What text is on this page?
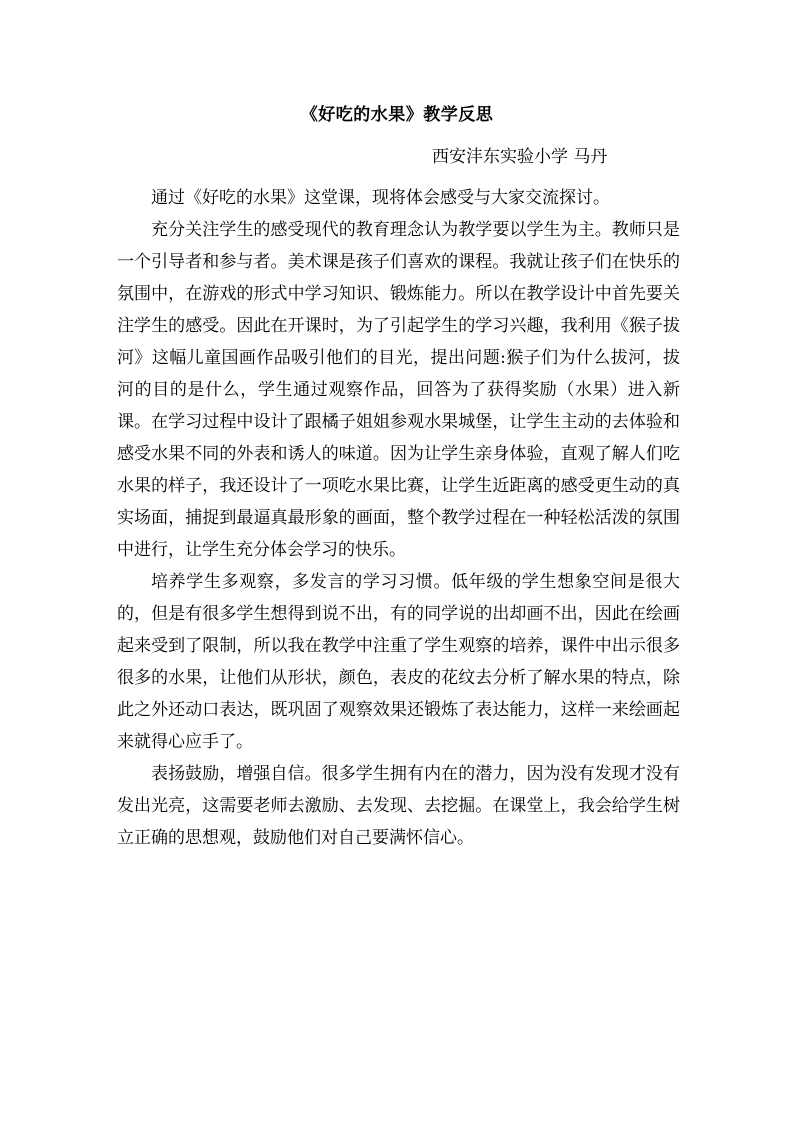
《好吃的水果》教学反思
西安沣东实验小学 马丹

通过《好吃的水果》这堂课，现将体会感受与大家交流探讨。

充分关注学生的感受现代的教育理念认为教学要以学生为主。教师只是一个引导者和参与者。美术课是孩子们喜欢的课程。我就让孩子们在快乐的氛围中，在游戏的形式中学习知识、锻炼能力。所以在教学设计中首先要关注学生的感受。因此在开课时，为了引起学生的学习兴趣，我利用《猴子拔河》这幅儿童国画作品吸引他们的目光，提出问题:猴子们为什么拔河，拔河的目的是什么，学生通过观察作品，回答为了获得奖励（水果）进入新课。在学习过程中设计了跟橘子姐姐参观水果城堡，让学生主动的去体验和感受水果不同的外表和诱人的味道。因为让学生亲身体验，直观了解人们吃水果的样子，我还设计了一项吃水果比赛，让学生近距离的感受更生动的真实场面，捕捉到最逼真最形象的画面，整个教学过程在一种轻松活泼的氛围中进行，让学生充分体会学习的快乐。

培养学生多观察，多发言的学习习惯。低年级的学生想象空间是很大的，但是有很多学生想得到说不出，有的同学说的出却画不出，因此在绘画起来受到了限制，所以我在教学中注重了学生观察的培养，课件中出示很多很多的水果，让他们从形状，颜色，表皮的花纹去分析了解水果的特点，除此之外还动口表达，既巩固了观察效果还锻炼了表达能力，这样一来绘画起来就得心应手了。

表扬鼓励，增强自信。很多学生拥有内在的潜力，因为没有发现才没有发出光亮，这需要老师去激励、去发现、去挖掘。在课堂上，我会给学生树立正确的思想观，鼓励他们对自己要满怀信心。
